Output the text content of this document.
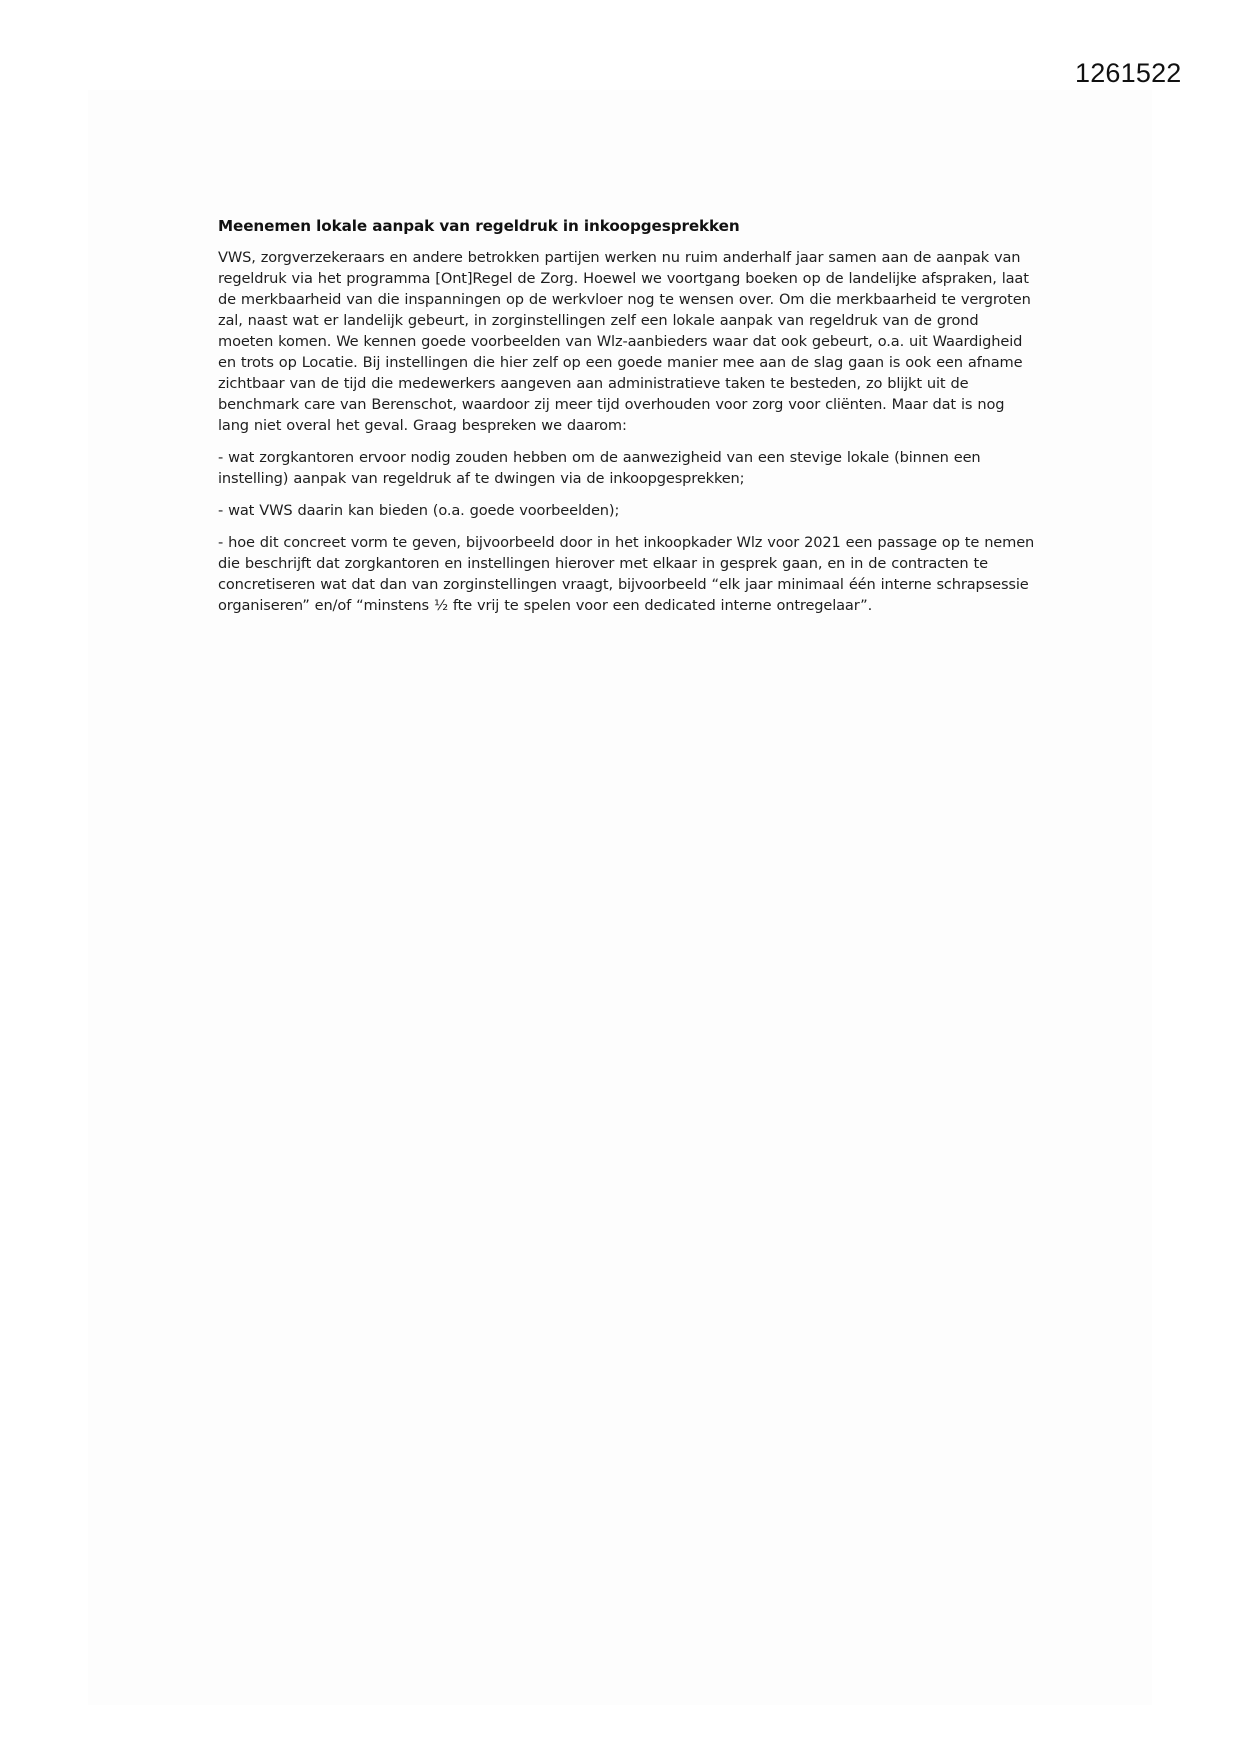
1261522
Meenemen lokale aanpak van regeldruk in inkoopgesprekken

VWS, zorgverzekeraars en andere betrokken partijen werken nu ruim anderhalf jaar samen aan de aanpak van regeldruk via het programma [Ont]Regel de Zorg. Hoewel we voortgang boeken op de landelijke afspraken, laat de merkbaarheid van die inspanningen op de werkvloer nog te wensen over. Om die merkbaarheid te vergroten zal, naast wat er landelijk gebeurt, in zorginstellingen zelf een lokale aanpak van regeldruk van de grond moeten komen. We kennen goede voorbeelden van Wlz-aanbieders waar dat ook gebeurt, o.a. uit Waardigheid en trots op Locatie. Bij instellingen die hier zelf op een goede manier mee aan de slag gaan is ook een afname zichtbaar van de tijd die medewerkers aangeven aan administratieve taken te besteden, zo blijkt uit de benchmark care van Berenschot, waardoor zij meer tijd overhouden voor zorg voor cliënten. Maar dat is nog lang niet overal het geval. Graag bespreken we daarom:

- wat zorgkantoren ervoor nodig zouden hebben om de aanwezigheid van een stevige lokale (binnen een instelling) aanpak van regeldruk af te dwingen via de inkoopgesprekken;

- wat VWS daarin kan bieden (o.a. goede voorbeelden);

- hoe dit concreet vorm te geven, bijvoorbeeld door in het inkoopkader Wlz voor 2021 een passage op te nemen die beschrijft dat zorgkantoren en instellingen hierover met elkaar in gesprek gaan, en in de contracten te concretiseren wat dat dan van zorginstellingen vraagt, bijvoorbeeld “elk jaar minimaal één interne schrapsessie organiseren” en/of “minstens ½ fte vrij te spelen voor een dedicated interne ontregelaar”.
